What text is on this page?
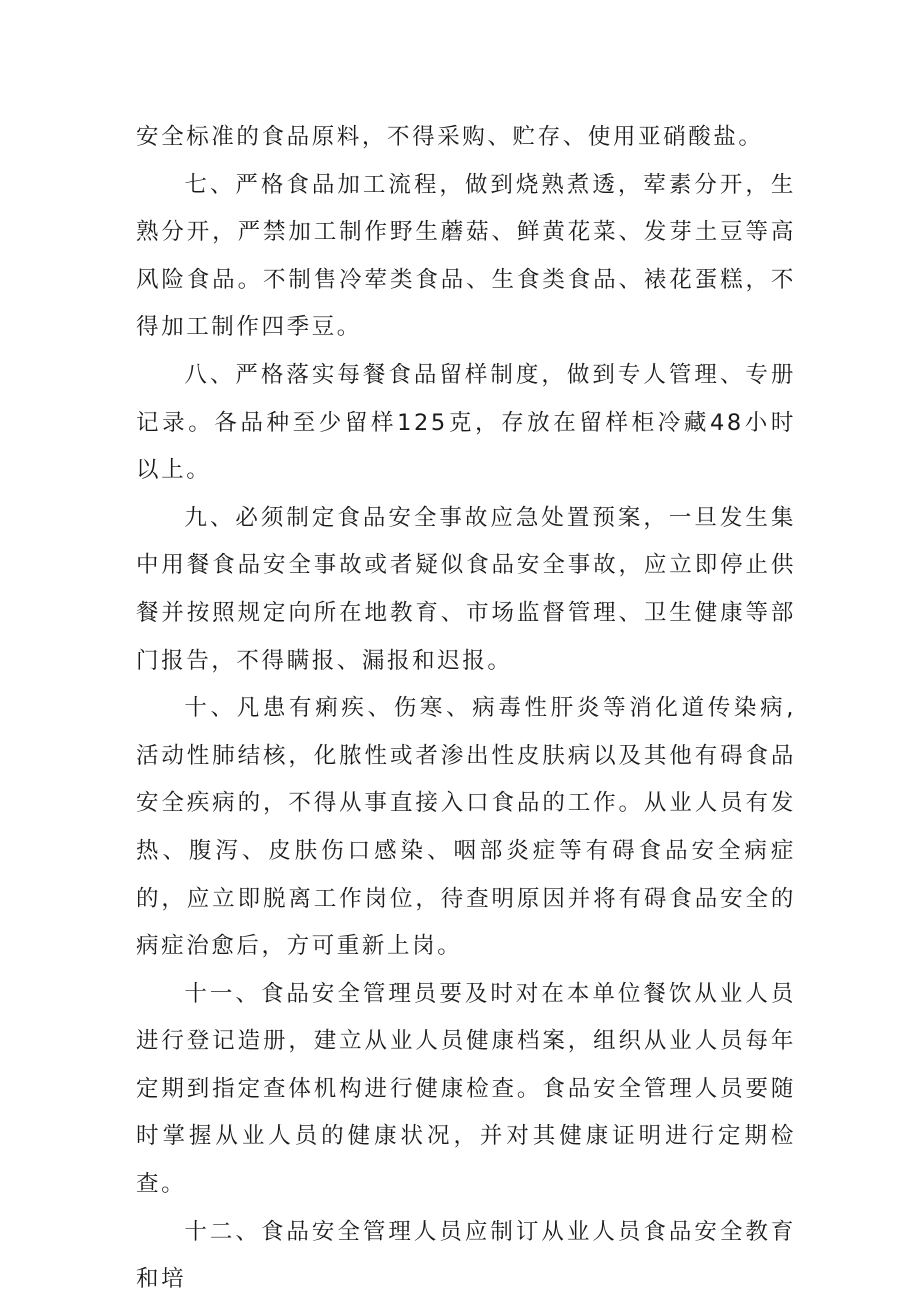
安全标准的食品原料，不得采购、贮存、使用亚硝酸盐。

七、严格食品加工流程，做到烧熟煮透，荤素分开，生熟分开，严禁加工制作野生蘑菇、鲜黄花菜、发芽土豆等高风险食品。不制售冷荤类食品、生食类食品、裱花蛋糕，不得加工制作四季豆。

八、严格落实每餐食品留样制度，做到专人管理、专册记录。各品种至少留样125克，存放在留样柜冷藏48小时以上。

九、必须制定食品安全事故应急处置预案，一旦发生集中用餐食品安全事故或者疑似食品安全事故，应立即停止供餐并按照规定向所在地教育、市场监督管理、卫生健康等部门报告，不得瞒报、漏报和迟报。

十、凡患有痢疾、伤寒、病毒性肝炎等消化道传染病,活动性肺结核，化脓性或者渗出性皮肤病以及其他有碍食品安全疾病的，不得从事直接入口食品的工作。从业人员有发热、腹泻、皮肤伤口感染、咽部炎症等有碍食品安全病症的，应立即脱离工作岗位，待查明原因并将有碍食品安全的病症治愈后，方可重新上岗。

十一、食品安全管理员要及时对在本单位餐饮从业人员进行登记造册，建立从业人员健康档案，组织从业人员每年定期到指定查体机构进行健康检查。食品安全管理人员要随时掌握从业人员的健康状况，并对其健康证明进行定期检查。

十二、食品安全管理人员应制订从业人员食品安全教育和培
